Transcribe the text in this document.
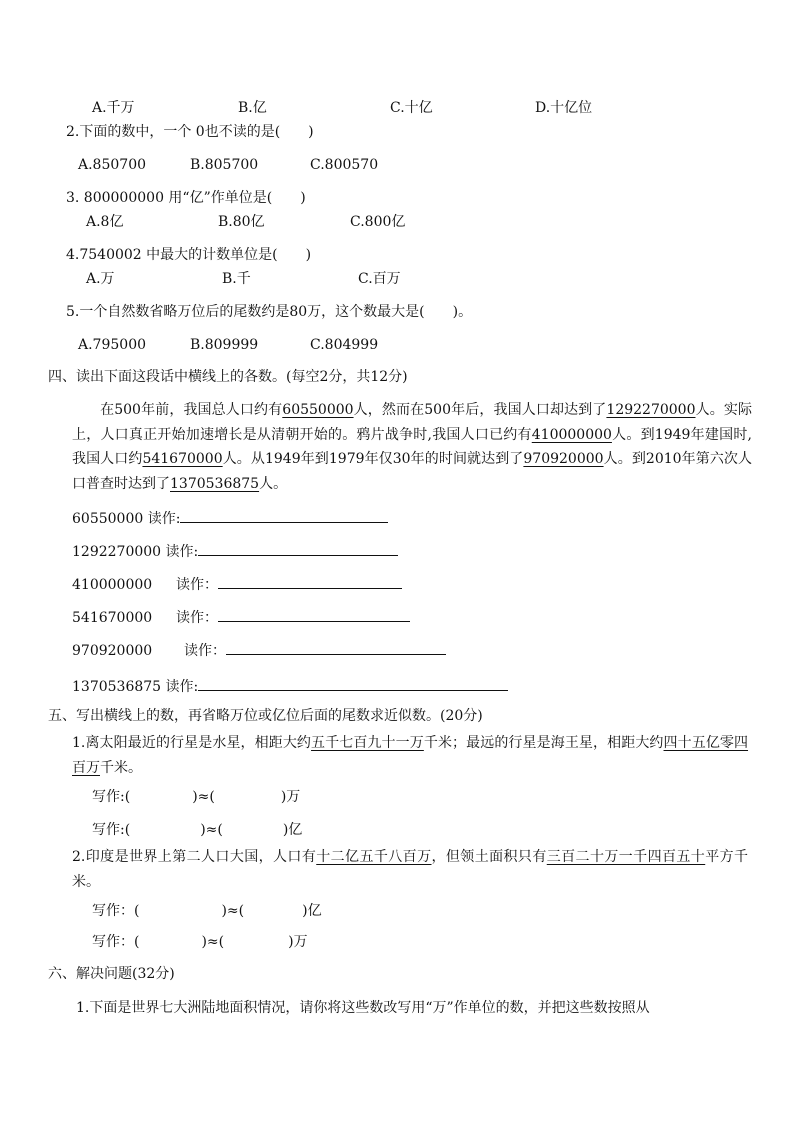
A.千万	B.亿	C.十亿	D.十亿位
2.下面的数中，一个 0也不读的是(　　)
A.850700	B.805700	C.800570
3. 800000000 用“亿”作单位是(　　)
A.8亿	B.80亿	C.800亿
4.7540002 中最大的计数单位是(　　)
A.万	B.千	C.百万
5.一个自然数省略万位后的尾数约是80万，这个数最大是(　　)。
A.795000	B.809999	C.804999
四、读出下面这段话中横线上的各数。(每空2分，共12分)
在500年前，我国总人口约有60550000人，然而在500年后，我国人口却达到了1292270000人。实际上，人口真正开始加速增长是从清朝开始的。鸦片战争时,我国人口已约有410000000人。到1949年建国时,我国人口约541670000人。从1949年到1979年仅30年的时间就达到了970920000人。到2010年第六次人口普查时达到了1370536875人。
60550000 读作:
1292270000 读作:
410000000 读作：
541670000 读作：
970920000 读作：
1370536875 读作:
五、写出横线上的数，再省略万位或亿位后面的尾数求近似数。(20分)
1.离太阳最近的行星是水星，相距大约五千七百九十一万千米；最远的行星是海王星，相距大约四十五亿零四百万千米。
写作:(	)≈(	)万
写作:(	)≈(	)亿
2.印度是世界上第二人口大国，人口有十二亿五千八百万，但领土面积只有三百二十万一千四百五十平方千米。
写作：(	)≈(	)亿
写作：(	)≈(	)万
六、解决问题(32分)
1.下面是世界七大洲陆地面积情况，请你将这些数改写用“万”作单位的数，并把这些数按照从
